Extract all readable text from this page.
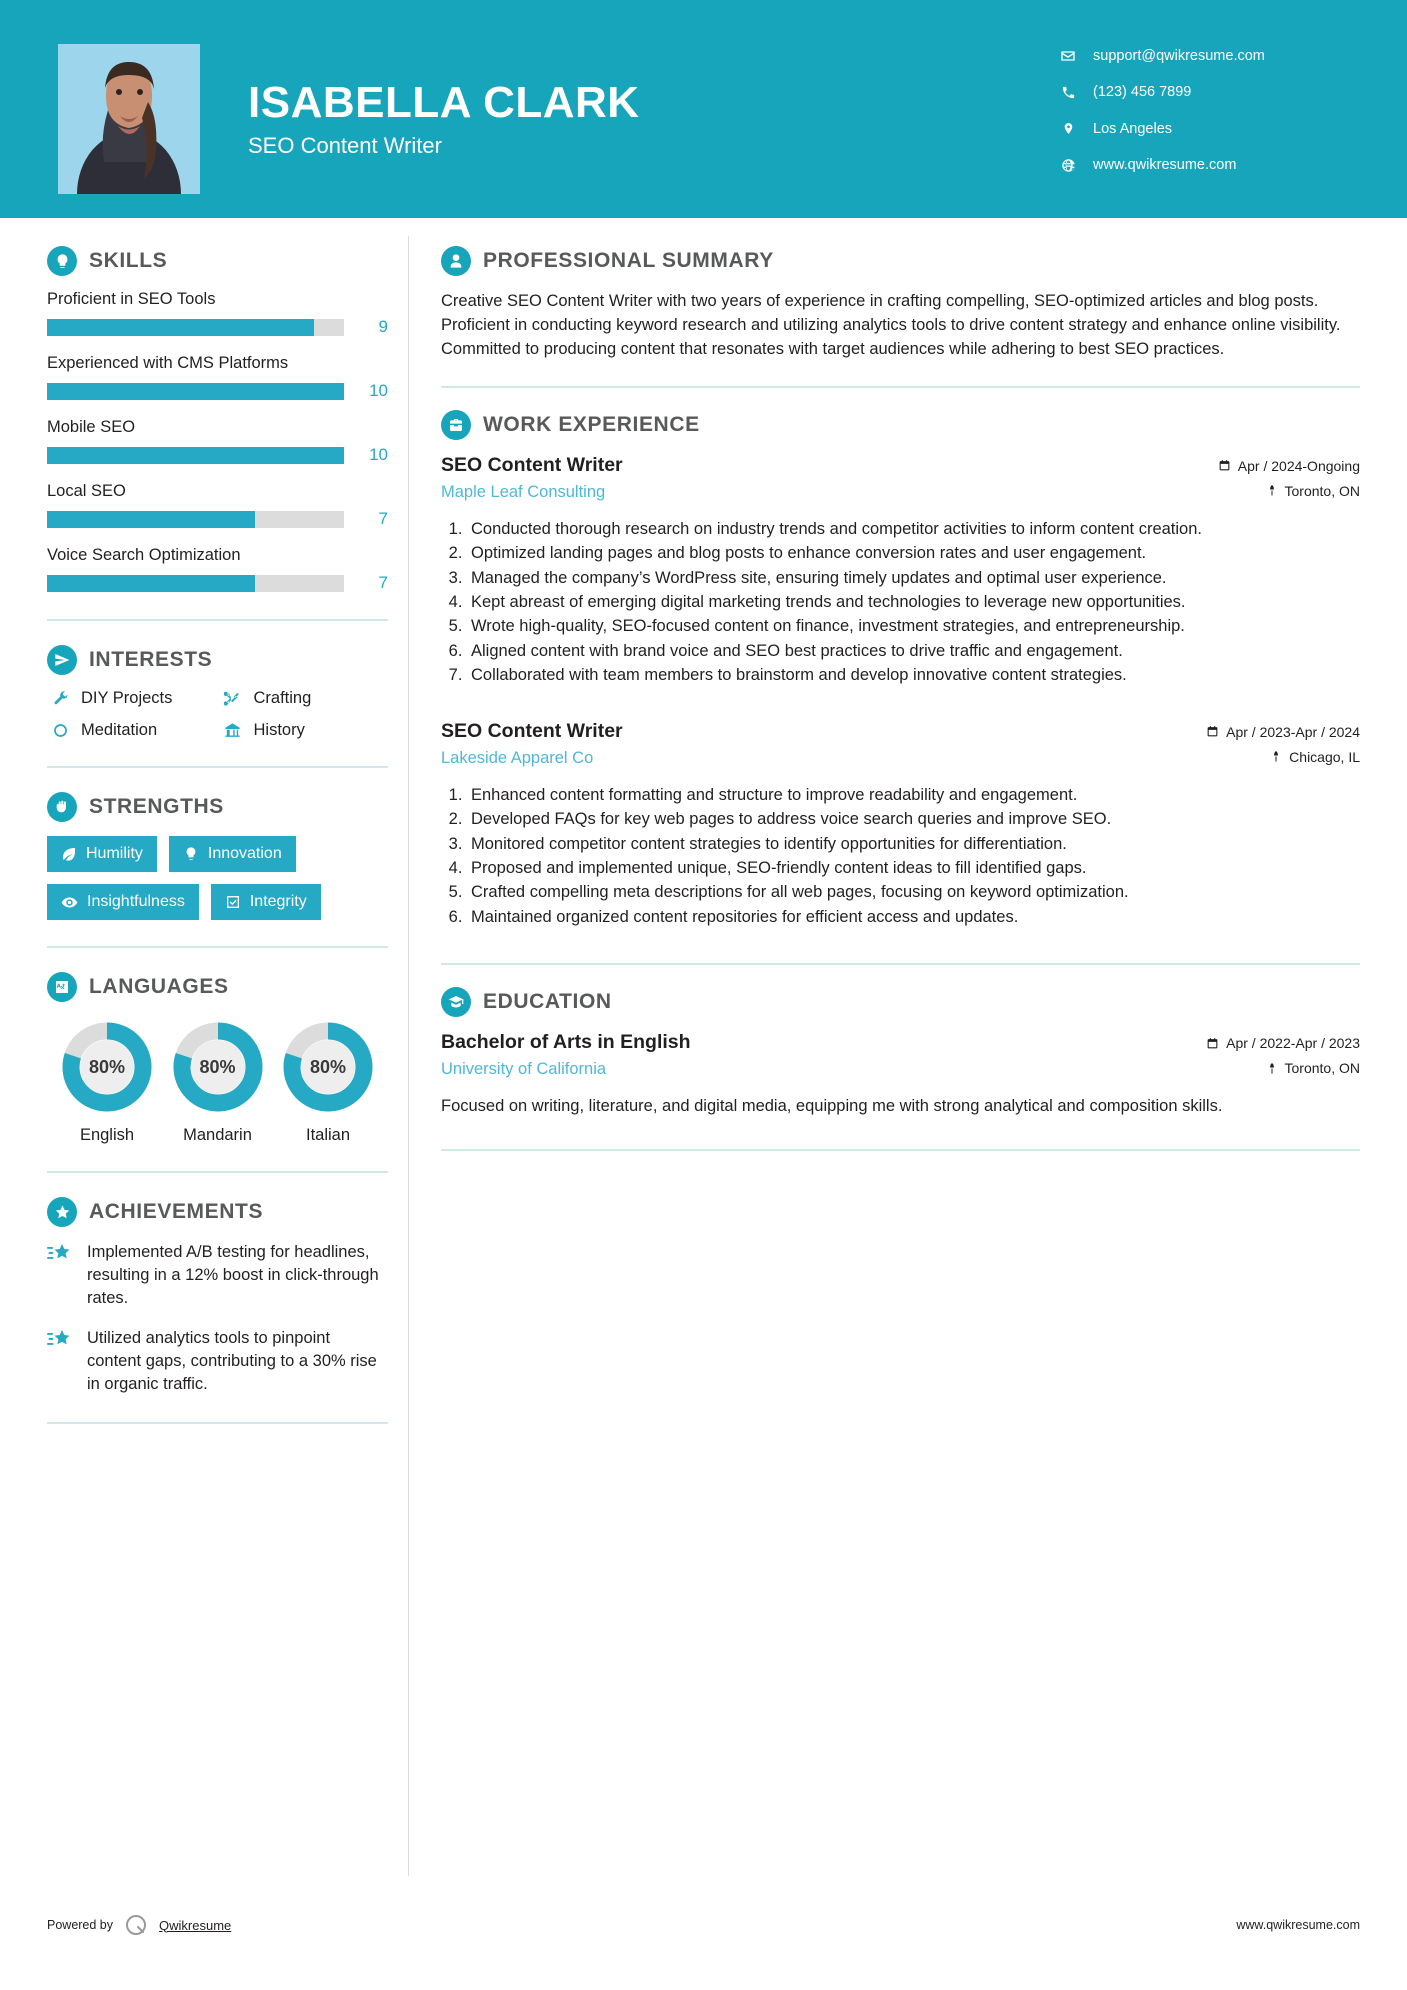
ISABELLA CLARK
SEO Content Writer
support@qwikresume.com
(123) 456 7899
Los Angeles
www.qwikresume.com
SKILLS
Proficient in SEO Tools
9
Experienced with CMS Platforms
10
Mobile SEO
10
Local SEO
7
Voice Search Optimization
7
INTERESTS
DIY Projects	Crafting
Meditation	History
STRENGTHS
Humility	Innovation
Insightfulness	Integrity
LANGUAGES
80%
English
80%
Mandarin
80%
Italian
ACHIEVEMENTS
Implemented A/B testing for headlines, resulting in a 12% boost in click-through rates.
Utilized analytics tools to pinpoint content gaps, contributing to a 30% rise in organic traffic.
PROFESSIONAL SUMMARY
Creative SEO Content Writer with two years of experience in crafting compelling, SEO-optimized articles and blog posts. Proficient in conducting keyword research and utilizing analytics tools to drive content strategy and enhance online visibility. Committed to producing content that resonates with target audiences while adhering to best SEO practices.
WORK EXPERIENCE
SEO Content Writer
Maple Leaf Consulting
Apr / 2024-Ongoing
Toronto, ON
1. Conducted thorough research on industry trends and competitor activities to inform content creation.
2. Optimized landing pages and blog posts to enhance conversion rates and user engagement.
3. Managed the company’s WordPress site, ensuring timely updates and optimal user experience.
4. Kept abreast of emerging digital marketing trends and technologies to leverage new opportunities.
5. Wrote high-quality, SEO-focused content on finance, investment strategies, and entrepreneurship.
6. Aligned content with brand voice and SEO best practices to drive traffic and engagement.
7. Collaborated with team members to brainstorm and develop innovative content strategies.
SEO Content Writer
Lakeside Apparel Co
Apr / 2023-Apr / 2024
Chicago, IL
1. Enhanced content formatting and structure to improve readability and engagement.
2. Developed FAQs for key web pages to address voice search queries and improve SEO.
3. Monitored competitor content strategies to identify opportunities for differentiation.
4. Proposed and implemented unique, SEO-friendly content ideas to fill identified gaps.
5. Crafted compelling meta descriptions for all web pages, focusing on keyword optimization.
6. Maintained organized content repositories for efficient access and updates.
EDUCATION
Bachelor of Arts in English
University of California
Apr / 2022-Apr / 2023
Toronto, ON
Focused on writing, literature, and digital media, equipping me with strong analytical and composition skills.
Powered by	Qwikresume	www.qwikresume.com
